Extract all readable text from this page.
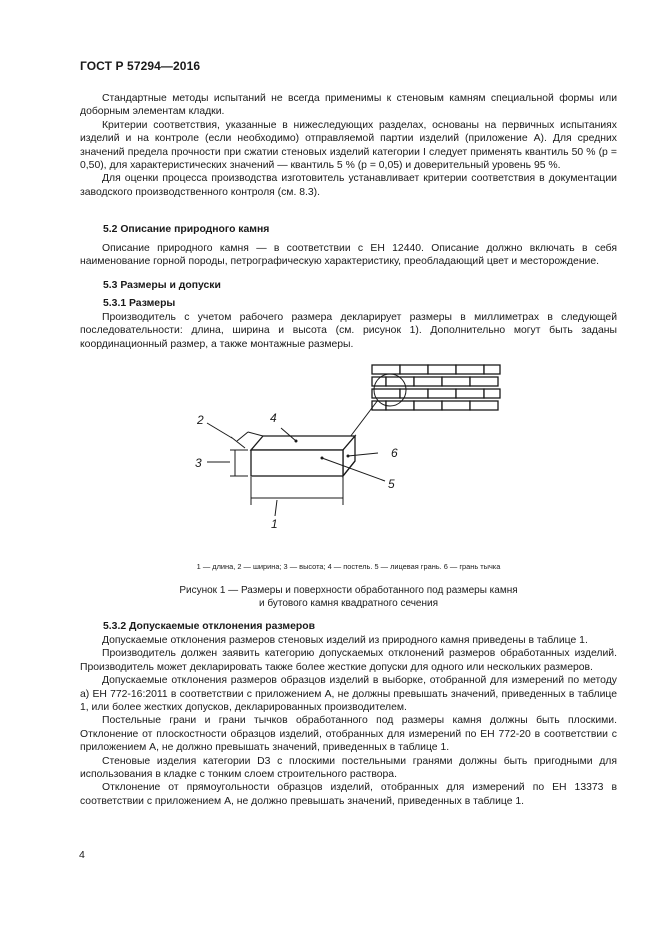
ГОСТ Р 57294—2016

Стандартные методы испытаний не всегда применимы к стеновым камням специальной формы или доборным элементам кладки.

Критерии соответствия, указанные в нижеследующих разделах, основаны на первичных испытаниях изделий и на контроле (если необходимо) отправляемой партии изделий (приложение А). Для средних значений предела прочности при сжатии стеновых изделий категории I следует применять квантиль 50 % (p = 0,50), для характеристических значений — квантиль 5 % (p = 0,05) и доверительный уровень 95 %.

Для оценки процесса производства изготовитель устанавливает критерии соответствия в документации заводского производственного контроля (см. 8.3).

5.2 Описание природного камня

Описание природного камня — в соответствии с ЕН 12440. Описание должно включать в себя наименование горной породы, петрографическую характеристику, преобладающий цвет и месторождение.

5.3 Размеры и допуски
5.3.1 Размеры

Производитель с учетом рабочего размера декларирует размеры в миллиметрах в следующей последовательности: длина, ширина и высота (см. рисунок 1). Дополнительно могут быть заданы координационный размер, а также монтажные размеры.

1
2
3
4
5
6
1 — длина, 2 — ширина; 3 — высота; 4 — постель. 5 — лицевая грань. 6 — грань тычка
Рисунок 1 — Размеры и поверхности обработанного под размеры камня
и бутового камня квадратного сечения
5.3.2 Допускаемые отклонения размеров

Допускаемые отклонения размеров стеновых изделий из природного камня приведены в таблице 1.

Производитель должен заявить категорию допускаемых отклонений размеров обработанных изделий. Производитель может декларировать также более жесткие допуски для одного или нескольких размеров.

Допускаемые отклонения размеров образцов изделий в выборке, отобранной для измерений по методу а) ЕН 772-16:2011 в соответствии с приложением А, не должны превышать значений, приведенных в таблице 1, или более жестких допусков, декларированных производителем.

Постельные грани и грани тычков обработанного под размеры камня должны быть плоскими. Отклонение от плоскостности образцов изделий, отобранных для измерений по ЕН 772-20 в соответствии с приложением А, не должно превышать значений, приведенных в таблице 1.

Стеновые изделия категории D3 с плоскими постельными гранями должны быть пригодными для использования в кладке с тонким слоем строительного раствора.

Отклонение от прямоугольности образцов изделий, отобранных для измерений по ЕН 13373 в соответствии с приложением А, не должно превышать значений, приведенных в таблице 1.

4
